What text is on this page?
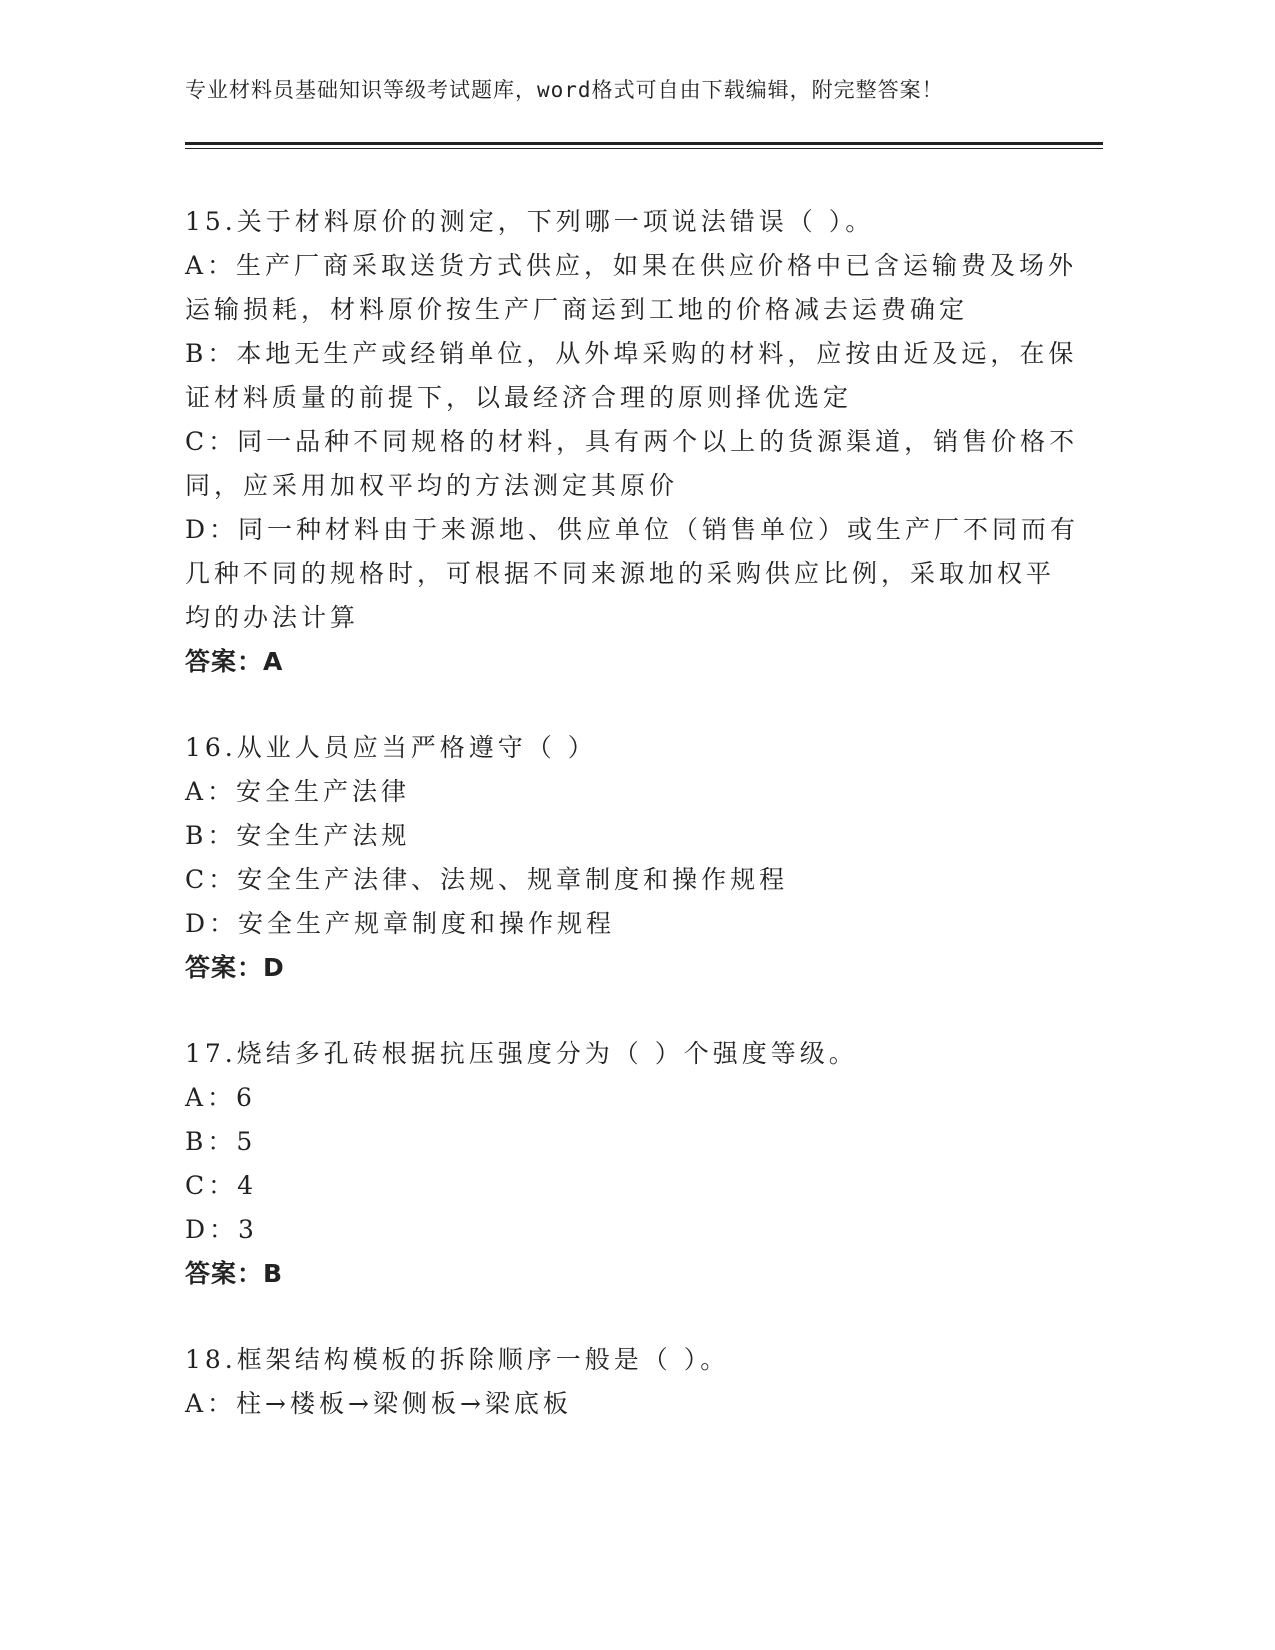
专业材料员基础知识等级考试题库，word格式可自由下载编辑，附完整答案！
15.关于材料原价的测定，下列哪一项说法错误（ ）。
A：生产厂商采取送货方式供应，如果在供应价格中已含运输费及场外
运输损耗，材料原价按生产厂商运到工地的价格减去运费确定
B：本地无生产或经销单位，从外埠采购的材料，应按由近及远，在保
证材料质量的前提下，以最经济合理的原则择优选定
C：同一品种不同规格的材料，具有两个以上的货源渠道，销售价格不
同，应采用加权平均的方法测定其原价
D：同一种材料由于来源地、供应单位（销售单位）或生产厂不同而有
几种不同的规格时，可根据不同来源地的采购供应比例，采取加权平
均的办法计算
答案：A
16.从业人员应当严格遵守（ ）
A：安全生产法律
B：安全生产法规
C：安全生产法律、法规、规章制度和操作规程
D：安全生产规章制度和操作规程
答案：D
17.烧结多孔砖根据抗压强度分为（ ）个强度等级。
A：6
B：5
C：4
D：3
答案：B
18.框架结构模板的拆除顺序一般是（ ）。
A：柱→楼板→梁侧板→梁底板
